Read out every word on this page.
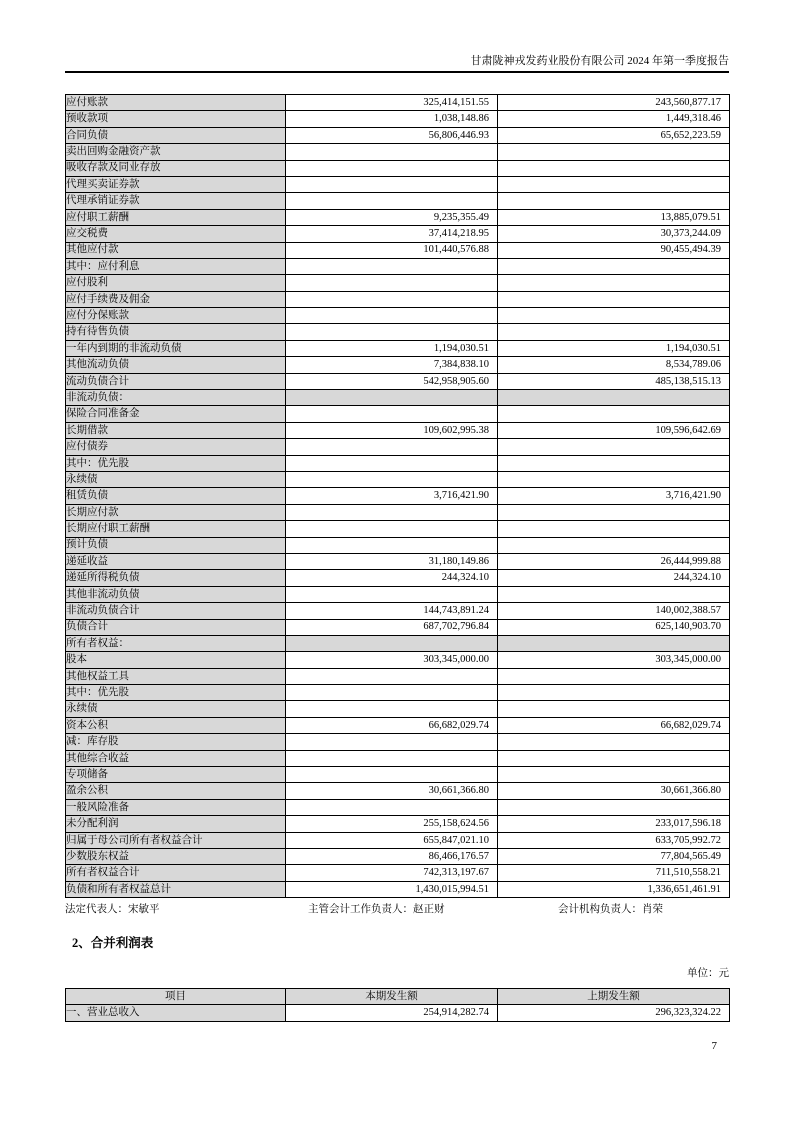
甘肃陇神戎发药业股份有限公司 2024 年第一季度报告
应付账款	325,414,151.55	243,560,877.17
预收款项	1,038,148.86	1,449,318.46
合同负债	56,806,446.93	65,652,223.59
卖出回购金融资产款		
吸收存款及同业存放		
代理买卖证券款		
代理承销证券款		
应付职工薪酬	9,235,355.49	13,885,079.51
应交税费	37,414,218.95	30,373,244.09
其他应付款	101,440,576.88	90,455,494.39
其中：应付利息		
应付股利		
应付手续费及佣金		
应付分保账款		
持有待售负债		
一年内到期的非流动负债	1,194,030.51	1,194,030.51
其他流动负债	7,384,838.10	8,534,789.06
流动负债合计	542,958,905.60	485,138,515.13
非流动负债：		
保险合同准备金		
长期借款	109,602,995.38	109,596,642.69
应付债券		
其中：优先股		
永续债		
租赁负债	3,716,421.90	3,716,421.90
长期应付款		
长期应付职工薪酬		
预计负债		
递延收益	31,180,149.86	26,444,999.88
递延所得税负债	244,324.10	244,324.10
其他非流动负债		
非流动负债合计	144,743,891.24	140,002,388.57
负债合计	687,702,796.84	625,140,903.70
所有者权益：		
股本	303,345,000.00	303,345,000.00
其他权益工具		
其中：优先股		
永续债		
资本公积	66,682,029.74	66,682,029.74
减：库存股		
其他综合收益		
专项储备		
盈余公积	30,661,366.80	30,661,366.80
一般风险准备		
未分配利润	255,158,624.56	233,017,596.18
归属于母公司所有者权益合计	655,847,021.10	633,705,992.72
少数股东权益	86,466,176.57	77,804,565.49
所有者权益合计	742,313,197.67	711,510,558.21
负债和所有者权益总计	1,430,015,994.51	1,336,651,461.91
法定代表人：宋敏平	主管会计工作负责人：赵正财	会计机构负责人：肖荣
2、合并利润表
单位：元
项目	本期发生额	上期发生额
一、营业总收入	254,914,282.74	296,323,324.22
7
